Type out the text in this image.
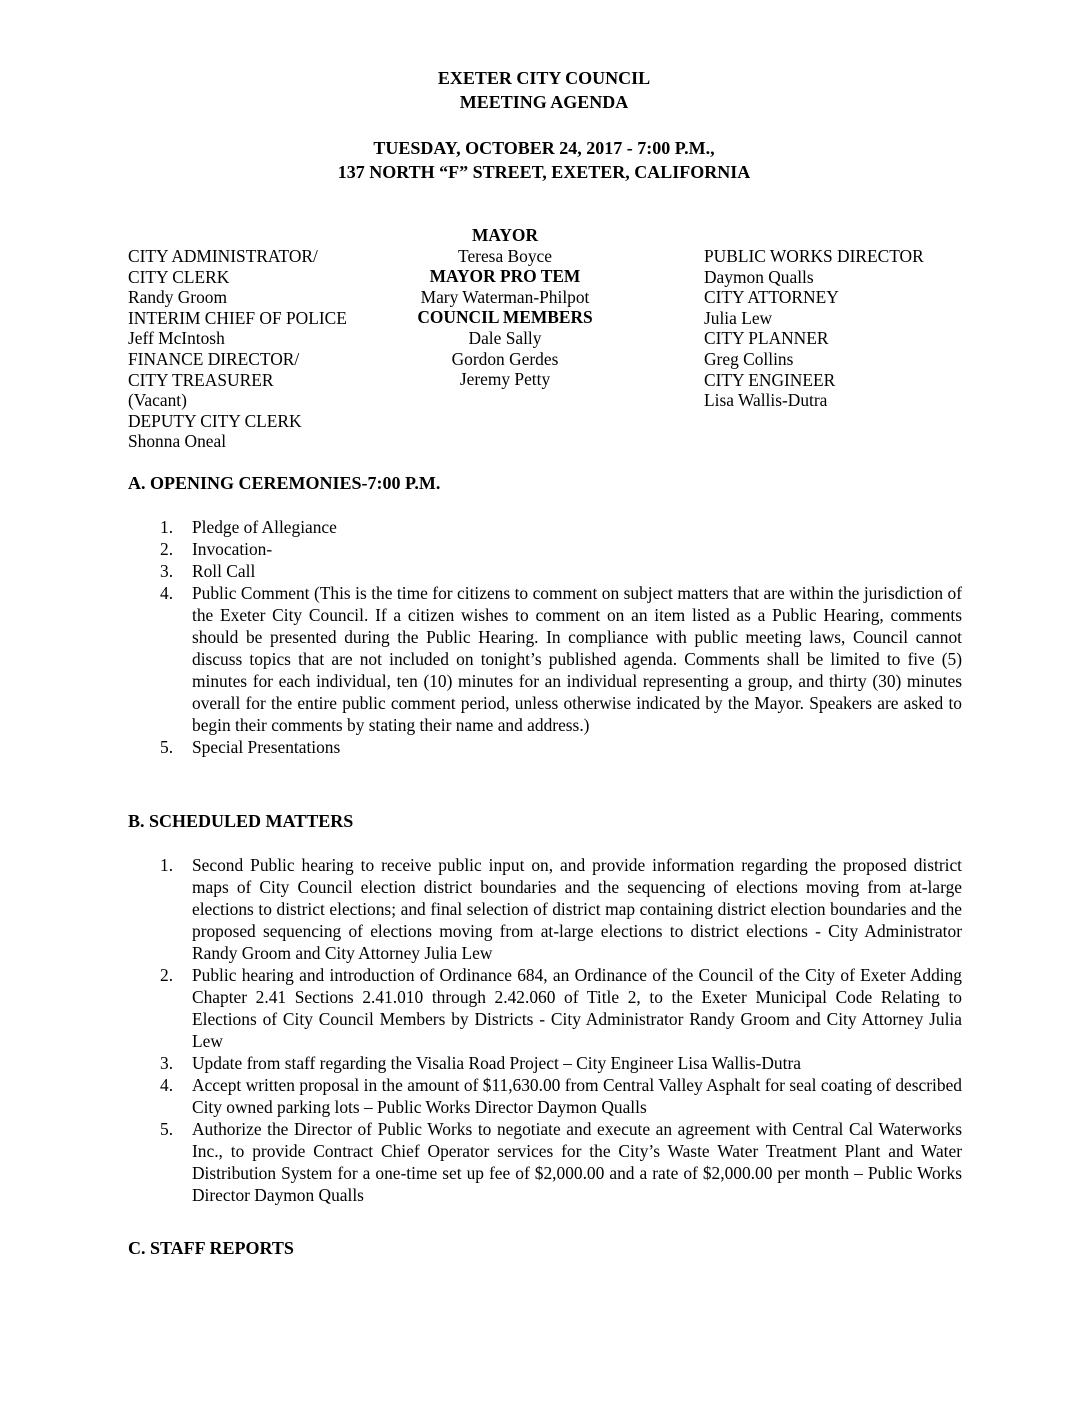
EXETER CITY COUNCIL
MEETING AGENDA
TUESDAY, OCTOBER 24, 2017 - 7:00 P.M.,
137 NORTH “F” STREET, EXETER, CALIFORNIA
MAYOR
Teresa Boyce
MAYOR PRO TEM
Mary Waterman-Philpot
COUNCIL MEMBERS
Dale Sally
Gordon Gerdes
Jeremy Petty
CITY ADMINISTRATOR/
CITY CLERK
Randy Groom
INTERIM CHIEF OF POLICE
Jeff McIntosh
FINANCE DIRECTOR/
CITY TREASURER
(Vacant)
DEPUTY CITY CLERK
Shonna Oneal
PUBLIC WORKS DIRECTOR
Daymon Qualls
CITY ATTORNEY
Julia Lew
CITY PLANNER
Greg Collins
CITY ENGINEER
Lisa Wallis-Dutra
A. OPENING CEREMONIES-7:00 P.M.
1. Pledge of Allegiance
2. Invocation-
3. Roll Call
4. Public Comment (This is the time for citizens to comment on subject matters that are within the jurisdiction of the Exeter City Council. If a citizen wishes to comment on an item listed as a Public Hearing, comments should be presented during the Public Hearing. In compliance with public meeting laws, Council cannot discuss topics that are not included on tonight’s published agenda. Comments shall be limited to five (5) minutes for each individual, ten (10) minutes for an individual representing a group, and thirty (30) minutes overall for the entire public comment period, unless otherwise indicated by the Mayor. Speakers are asked to begin their comments by stating their name and address.)
5. Special Presentations
B. SCHEDULED MATTERS
1. Second Public hearing to receive public input on, and provide information regarding the proposed district maps of City Council election district boundaries and the sequencing of elections moving from at-large elections to district elections; and final selection of district map containing district election boundaries and the proposed sequencing of elections moving from at-large elections to district elections - City Administrator Randy Groom and City Attorney Julia Lew
2. Public hearing and introduction of Ordinance 684, an Ordinance of the Council of the City of Exeter Adding Chapter 2.41 Sections 2.41.010 through 2.42.060 of Title 2, to the Exeter Municipal Code Relating to Elections of City Council Members by Districts - City Administrator Randy Groom and City Attorney Julia Lew
3. Update from staff regarding the Visalia Road Project – City Engineer Lisa Wallis-Dutra
4. Accept written proposal in the amount of $11,630.00 from Central Valley Asphalt for seal coating of described City owned parking lots – Public Works Director Daymon Qualls
5. Authorize the Director of Public Works to negotiate and execute an agreement with Central Cal Waterworks Inc., to provide Contract Chief Operator services for the City’s Waste Water Treatment Plant and Water Distribution System for a one-time set up fee of $2,000.00 and a rate of $2,000.00 per month – Public Works Director Daymon Qualls
C. STAFF REPORTS
